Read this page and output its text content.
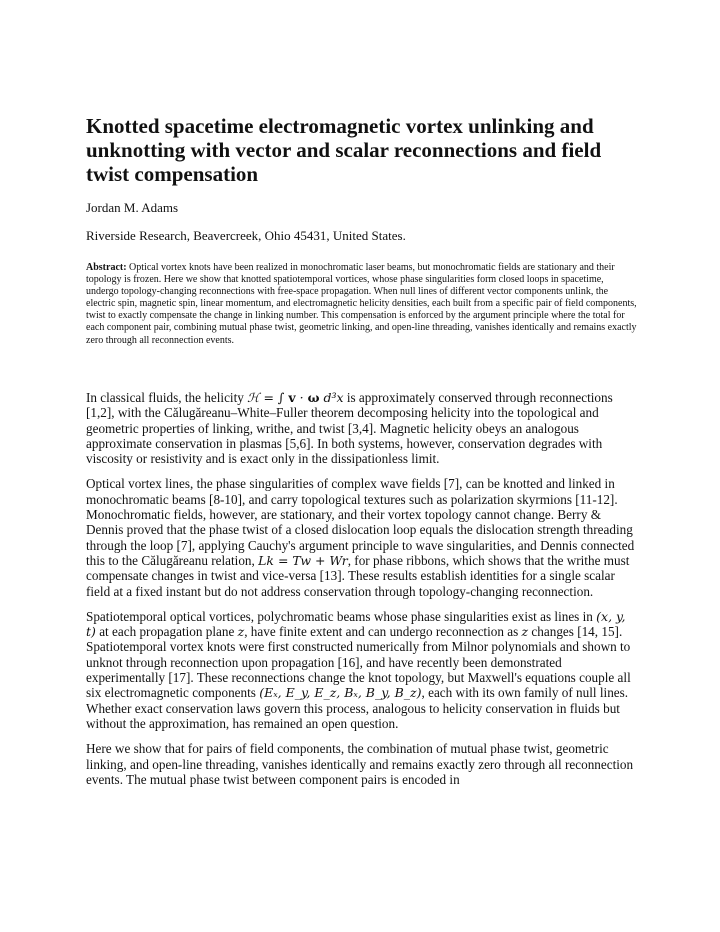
Knotted spacetime electromagnetic vortex unlinking and unknotting with vector and scalar reconnections and field twist compensation

Jordan M. Adams

Riverside Research, Beavercreek, Ohio 45431, United States.

Abstract: Optical vortex knots have been realized in monochromatic laser beams, but monochromatic fields are stationary and their topology is frozen. Here we show that knotted spatiotemporal vortices, whose phase singularities form closed loops in spacetime, undergo topology-changing reconnections with free-space propagation. When null lines of different vector components unlink, the electric spin, magnetic spin, linear momentum, and electromagnetic helicity densities, each built from a specific pair of field components, twist to exactly compensate the change in linking number. This compensation is enforced by the argument principle where the total for each component pair, combining mutual phase twist, geometric linking, and open-line threading, vanishes identically and remains exactly zero through all reconnection events.

In classical fluids, the helicity ℋ = ∫ v · ω d³x is approximately conserved through reconnections [1,2], with the Călugăreanu–White–Fuller theorem decomposing helicity into the topological and geometric properties of linking, writhe, and twist [3,4]. Magnetic helicity obeys an analogous approximate conservation in plasmas [5,6]. In both systems, however, conservation degrades with viscosity or resistivity and is exact only in the dissipationless limit.

Optical vortex lines, the phase singularities of complex wave fields [7], can be knotted and linked in monochromatic beams [8-10], and carry topological textures such as polarization skyrmions [11-12]. Monochromatic fields, however, are stationary, and their vortex topology cannot change. Berry & Dennis proved that the phase twist of a closed dislocation loop equals the dislocation strength threading through the loop [7], applying Cauchy's argument principle to wave singularities, and Dennis connected this to the Călugăreanu relation, Lk = Tw + Wr, for phase ribbons, which shows that the writhe must compensate changes in twist and vice-versa [13]. These results establish identities for a single scalar field at a fixed instant but do not address conservation through topology-changing reconnection.

Spatiotemporal optical vortices, polychromatic beams whose phase singularities exist as lines in (x, y, t) at each propagation plane z, have finite extent and can undergo reconnection as z changes [14, 15]. Spatiotemporal vortex knots were first constructed numerically from Milnor polynomials and shown to unknot through reconnection upon propagation [16], and have recently been demonstrated experimentally [17]. These reconnections change the knot topology, but Maxwell's equations couple all six electromagnetic components (Eₓ, E_y, E_z, Bₓ, B_y, B_z), each with its own family of null lines. Whether exact conservation laws govern this process, analogous to helicity conservation in fluids but without the approximation, has remained an open question.

Here we show that for pairs of field components, the combination of mutual phase twist, geometric linking, and open-line threading, vanishes identically and remains exactly zero through all reconnection events. The mutual phase twist between component pairs is encoded in
